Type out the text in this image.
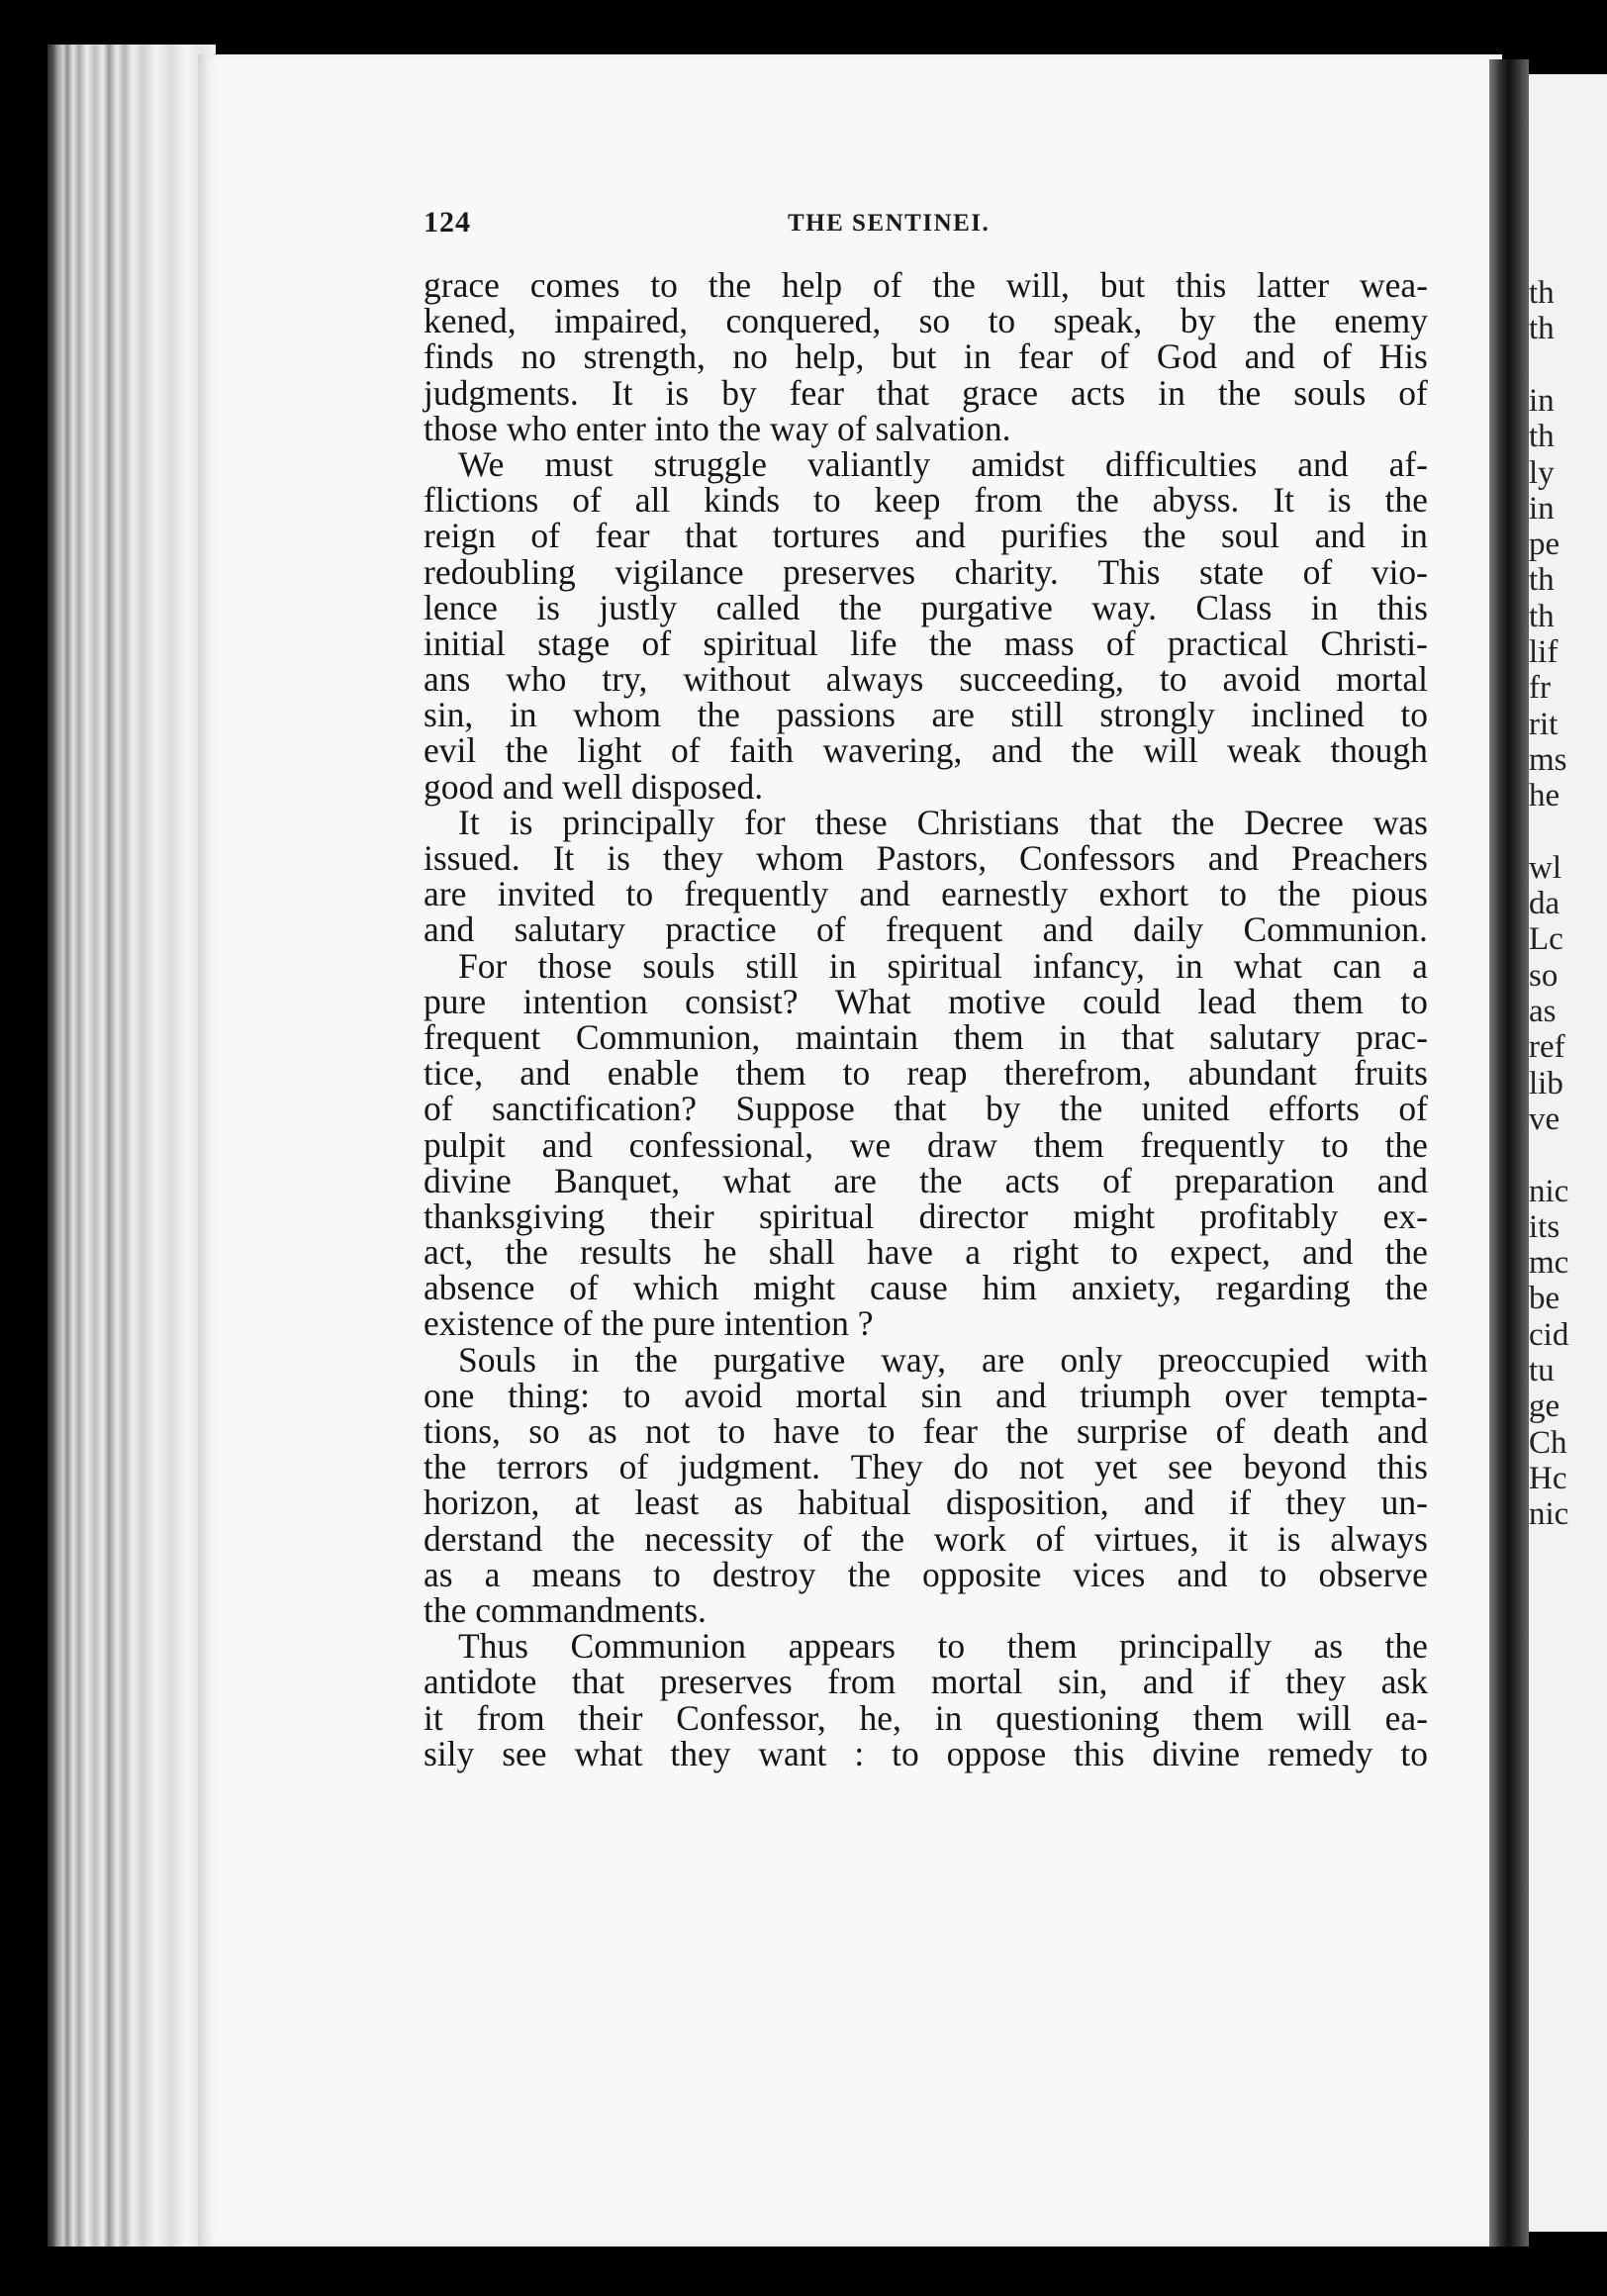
th
th
in
th
ly
in
pe
th
th
lif
fr
rit
ms
he
wl
da
Lc
so
as
ref
lib
ve
nic
its
mc
be
cid
tu
ge
Ch
Hc
nic
124	THE SENTINEI.
grace comes to the help of the will, but this latter wea-
kened, impaired, conquered, so to speak, by the enemy
finds no strength, no help, but in fear of God and of His
judgments. It is by fear that grace acts in the souls of
those who enter into the way of salvation.
We must struggle valiantly amidst difficulties and af-
flictions of all kinds to keep from the abyss. It is the
reign of fear that tortures and purifies the soul and in
redoubling vigilance preserves charity. This state of vio-
lence is justly called the purgative way. Class in this
initial stage of spiritual life the mass of practical Christi-
ans who try, without always succeeding, to avoid mortal
sin, in whom the passions are still strongly inclined to
evil the light of faith wavering, and the will weak though
good and well disposed.
It is principally for these Christians that the Decree was
issued. It is they whom Pastors, Confessors and Preachers
are invited to frequently and earnestly exhort to the pious
and salutary practice of frequent and daily Communion.
For those souls still in spiritual infancy, in what can a
pure intention consist? What motive could lead them to
frequent Communion, maintain them in that salutary prac-
tice, and enable them to reap therefrom, abundant fruits
of sanctification? Suppose that by the united efforts of
pulpit and confessional, we draw them frequently to the
divine Banquet, what are the acts of preparation and
thanksgiving their spiritual director might profitably ex-
act, the results he shall have a right to expect, and the
absence of which might cause him anxiety, regarding the
existence of the pure intention ?
Souls in the purgative way, are only preoccupied with
one thing: to avoid mortal sin and triumph over tempta-
tions, so as not to have to fear the surprise of death and
the terrors of judgment. They do not yet see beyond this
horizon, at least as habitual disposition, and if they un-
derstand the necessity of the work of virtues, it is always
as a means to destroy the opposite vices and to observe
the commandments.
Thus Communion appears to them principally as the
antidote that preserves from mortal sin, and if they ask
it from their Confessor, he, in questioning them will ea-
sily see what they want : to oppose this divine remedy to
